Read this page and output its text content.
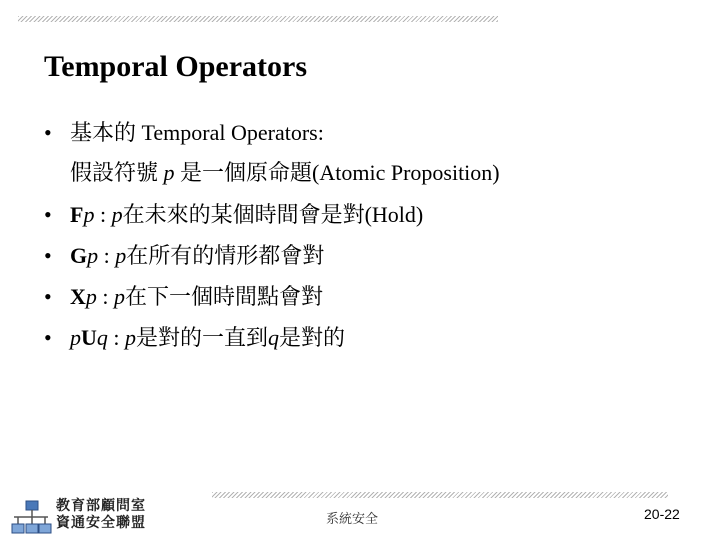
Temporal Operators
• 基本的 Temporal Operators:
假設符號 p 是一個原命題(Atomic Proposition)
• Fp : p在未來的某個時間會是對(Hold)
• Gp : p在所有的情形都會對
• Xp : p在下一個時間點會對
• pUq : p是對的一直到q是對的
教育部顧問室
資通安全聯盟	系統安全	20-22
